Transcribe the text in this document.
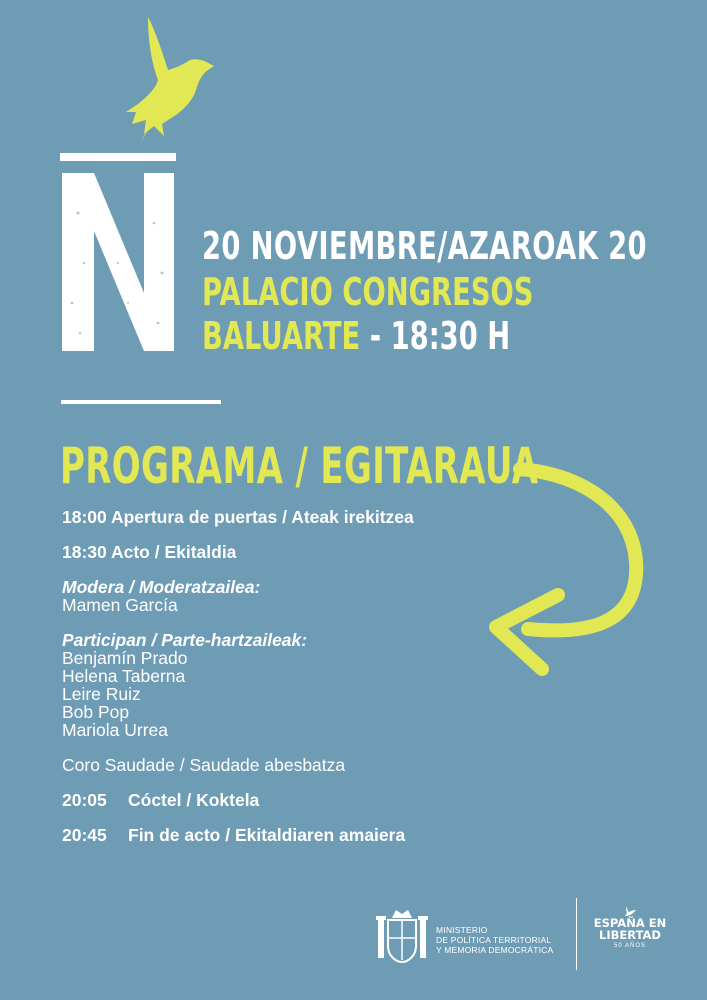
20 NOVIEMBRE/AZAROAK 20
PALACIO CONGRESOS
BALUARTE - 18:30 H
PROGRAMA / EGITARAUA
18:00 Apertura de puertas / Ateak irekitzea
18:30 Acto / Ekitaldia
Modera / Moderatzailea:
Mamen García
Participan / Parte-hartzaileak:
Benjamín Prado
Helena Taberna
Leire Ruiz
Bob Pop
Mariola Urrea
Coro Saudade / Saudade abesbatza
20:05 Cóctel / Koktela
20:45 Fin de acto / Ekitaldiaren amaiera
MINISTERIO
DE POLÍTICA TERRITORIAL
Y MEMORIA DEMOCRÁTICA
ESPAÑA EN
LIBERTAD
50 AÑOS
